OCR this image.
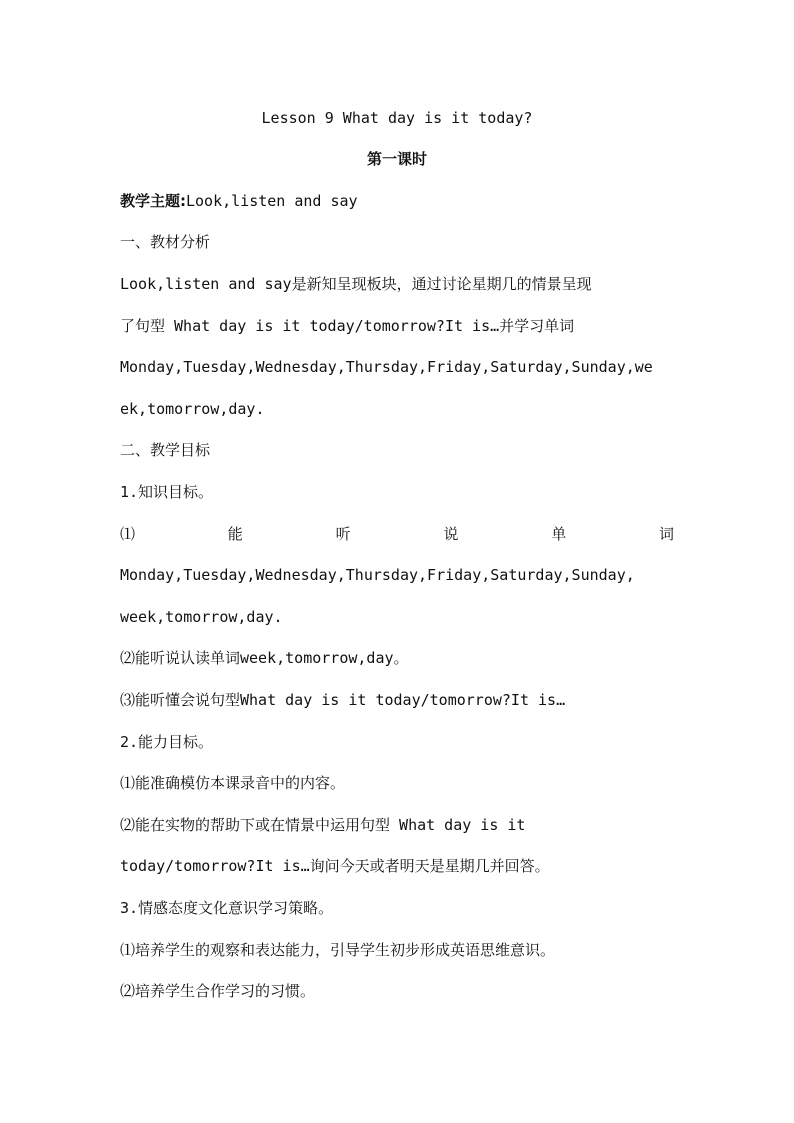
Lesson 9 What day is it today?
第一课时
教学主题:Look,listen and say
一、教材分析
Look,listen and say是新知呈现板块，通过讨论星期几的情景呈现
了句型 What day is it today/tomorrow?It is…并学习单词
Monday,Tuesday,Wednesday,Thursday,Friday,Saturday,Sunday,we
ek,tomorrow,day.
二、教学目标
1.知识目标。
⑴	能	听	说	单	词
Monday,Tuesday,Wednesday,Thursday,Friday,Saturday,Sunday,
week,tomorrow,day.
⑵能听说认读单词week,tomorrow,day。
⑶能听懂会说句型What day is it today/tomorrow?It is…
2.能力目标。
⑴能准确模仿本课录音中的内容。
⑵能在实物的帮助下或在情景中运用句型 What day is it
today/tomorrow?It is…询问今天或者明天是星期几并回答。
3.情感态度文化意识学习策略。
⑴培养学生的观察和表达能力，引导学生初步形成英语思维意识。
⑵培养学生合作学习的习惯。
